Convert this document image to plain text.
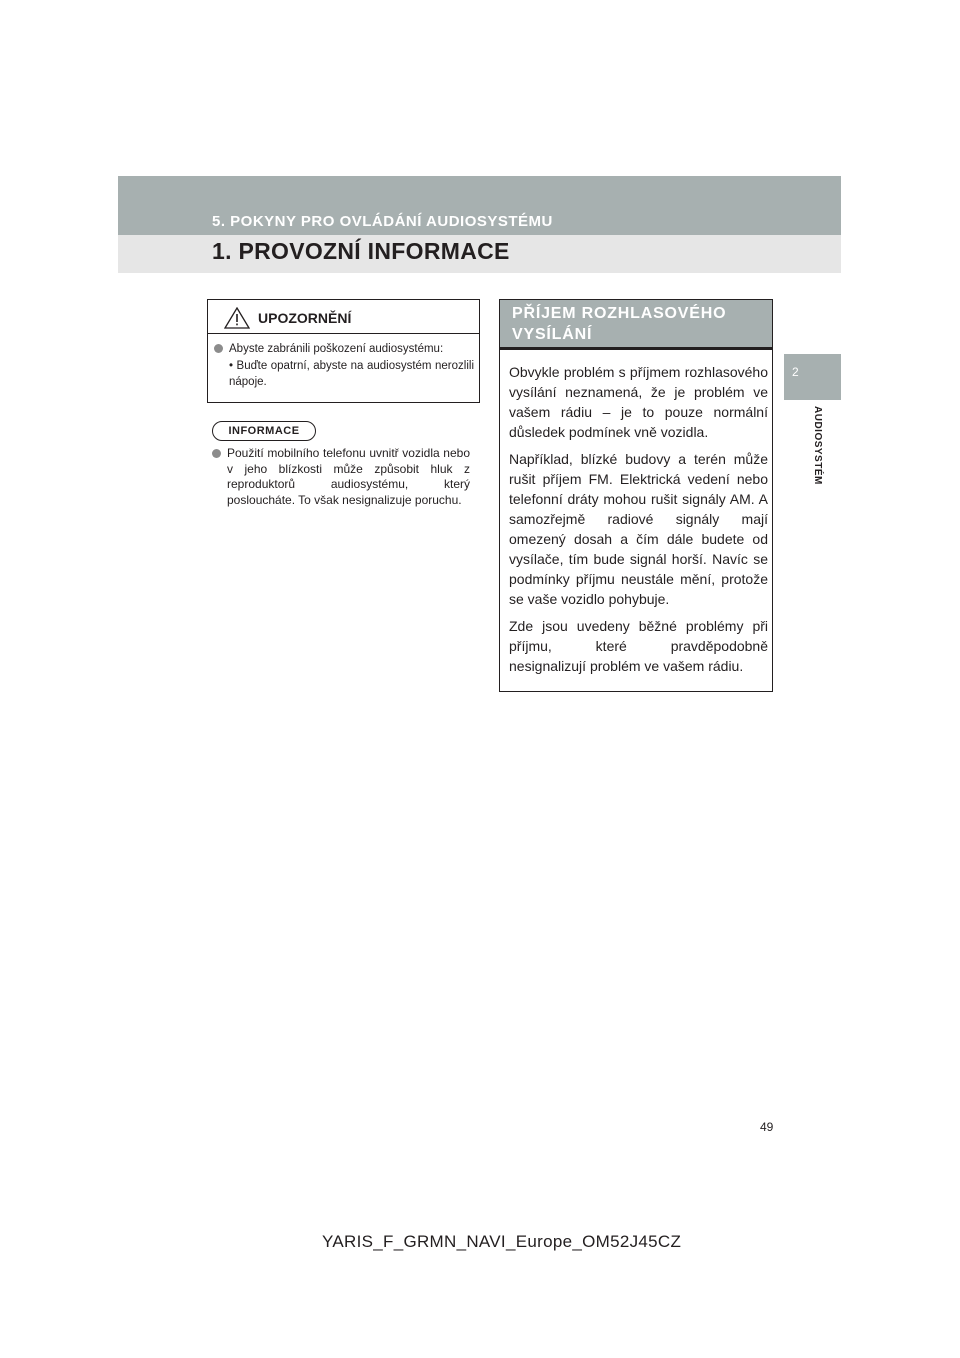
5. POKYNY PRO OVLÁDÁNÍ AUDIOSYSTÉMU
1. PROVOZNÍ INFORMACE
2
AUDIOSYSTÉM
UPOZORNĚNÍ
Abyste zabránili poškození audiosystému:
• Buďte opatrní, abyste na audiosystém nerozlili nápoje.
INFORMACE
Použití mobilního telefonu uvnitř vozidla nebo v jeho blízkosti může způsobit hluk z reproduktorů audiosystému, který posloucháte. To však nesignalizuje poruchu.
PŘÍJEM ROZHLASOVÉHO VYSÍLÁNÍ

Obvykle problém s příjmem rozhlasového vysílání neznamená, že je problém ve vašem rádiu – je to pouze normální důsledek podmínek vně vozidla.

Například, blízké budovy a terén může rušit příjem FM. Elektrická vedení nebo telefonní dráty mohou rušit signály AM. A samozřejmě radiové signály mají omezený dosah a čím dále budete od vysílače, tím bude signál horší. Navíc se podmínky příjmu neustále mění, protože se vaše vozidlo pohybuje.

Zde jsou uvedeny běžné problémy při příjmu, které pravděpodobně nesignalizují problém ve vašem rádiu.

49
YARIS_F_GRMN_NAVI_Europe_OM52J45CZ
